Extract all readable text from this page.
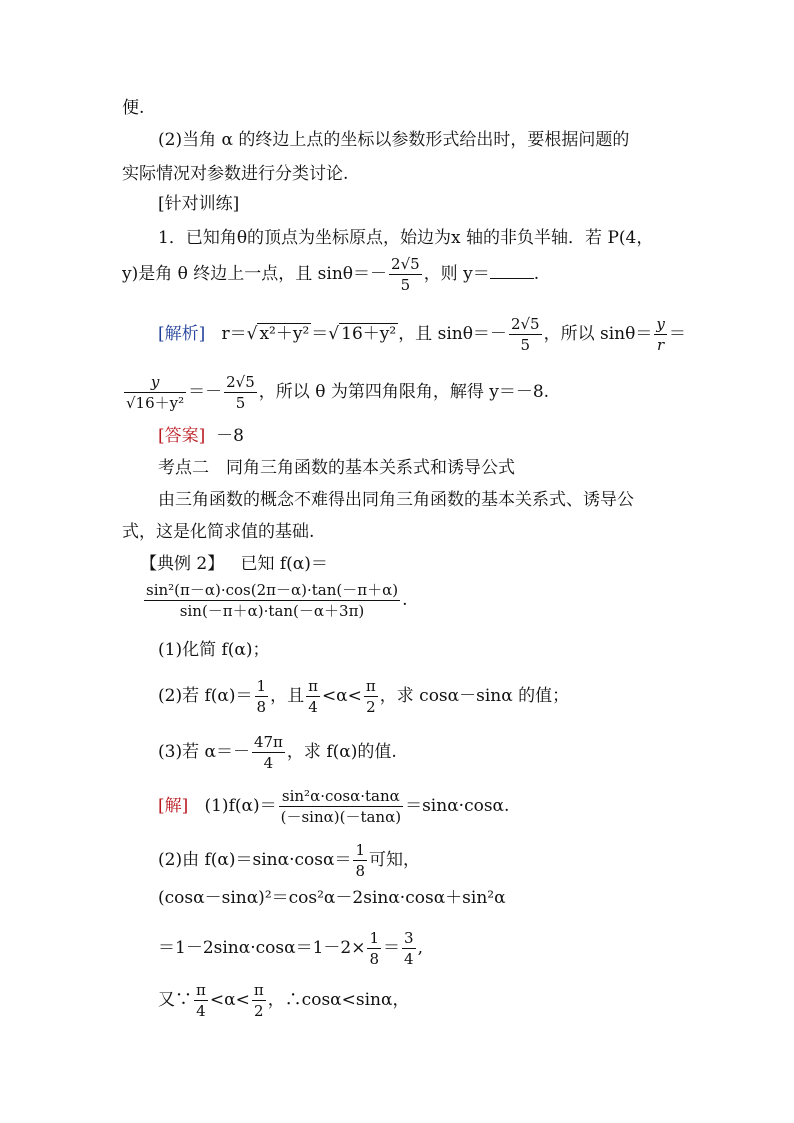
便.
(2)当角 α 的终边上点的坐标以参数形式给出时，要根据问题的
实际情况对参数进行分类讨论.
[针对训练]
1．已知角θ的顶点为坐标原点，始边为x 轴的非负半轴．若 P(4，
y)是角 θ 终边上一点，且 $\sin\theta=- \frac{2√5}{5}$ ，则 y＝	.
[解析] r＝√ x²＋y² ＝√ 16＋y² ，且 $\sin\theta=- \frac{2√5}{5}$ ，所以 $\sin\theta= \frac{y}{r}$ ＝
$\frac{y}{\text{√16＋y²}} =- \frac{2√5}{5}$ ，所以 θ 为第四角限角，解得 y＝－8.
[答案] －8
考点二　同角三角函数的基本关系式和诱导公式
由三角函数的概念不难得出同角三角函数的基本关系式、诱导公
式，这是化简求值的基础.
【典例 2】 已知 f(α)＝
$\frac{\text{sin²(π－α)·cos(2π－α)·tan(－π＋α)}}{\sin(-\pi+\alpha)\cdot\tan(-\alpha+3\pi)}$ .
(1)化简 f(α)；
(2)若 $f(\alpha)= \frac{1}{8}$ ，且 $\frac{\pi}{4} <\alpha< \frac{\pi}{2}$ ，求 cosα－sinα 的值；
(3)若 $\alpha=- \frac{47\pi}{4}$ ，求 f(α)的值.
[解] $(1)f(\alpha)= \frac{\text{sin²α·cosα·tanα}}{(-\sin\alpha)(-\tan\alpha)} =\sin\alpha\cdot\cos\alpha$.
(2)由 $f(\alpha)=\sin\alpha\cdot\cos\alpha= \frac{1}{8}$ 可知，
(cosα－sinα)²＝cos²α－2sinα·cosα＋sin²α
$=1-2\sin\alpha\cdot\cos\alpha=1-2\times \frac{1}{8} = \frac{3}{4}$ ,
又∵ $\frac{\pi}{4} <\alpha< \frac{\pi}{2}$ ，∴cosα<sinα，
